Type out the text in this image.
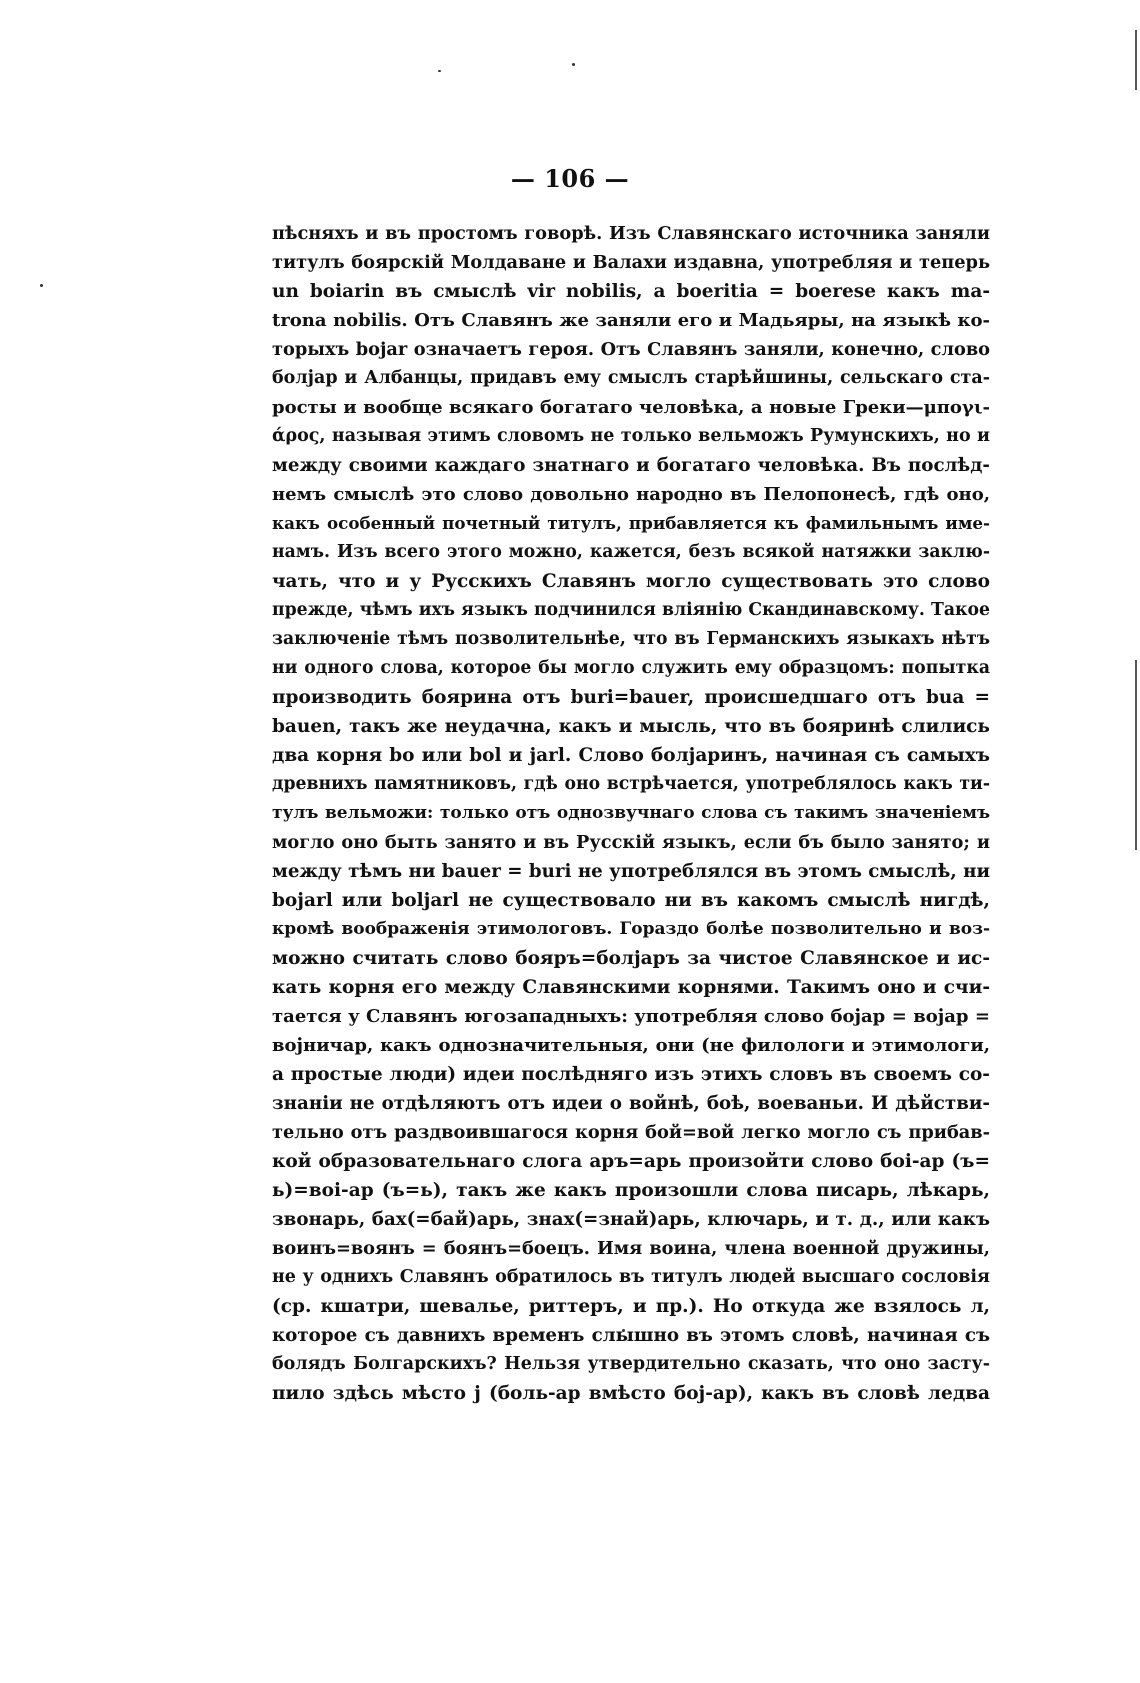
— 106 —
пѣсняхъ и въ простомъ говорѣ. Изъ Славянскаго источника заняли
титулъ боярскій Молдаване и Валахи издавна, употребляя и теперь
un boiarin въ смыслѣ vir nobilis, a boeritia = boerese какъ ma-
trona nobilis. Отъ Славянъ же заняли его и Мадьяры, на языкѣ ко-
торыхъ bojar означаетъ героя. Отъ Славянъ заняли, конечно, слово
болјар и Албанцы, придавъ ему смыслъ старѣйшины, сельскаго ста-
росты и вообще всякаго богатаго человѣка, а новые Греки—μπογι-
άρος, называя этимъ словомъ не только вельможъ Румунскихъ, но и
между своими каждаго знатнаго и богатаго человѣка. Въ послѣд-
немъ смыслѣ это слово довольно народно въ Пелопонесѣ, гдѣ оно,
какъ особенный почетный титулъ, прибавляется къ фамильнымъ име-
намъ. Изъ всего этого можно, кажется, безъ всякой натяжки заклю-
чать, что и у Русскихъ Славянъ могло существовать это слово
прежде, чѣмъ ихъ языкъ подчинился вліянію Скандинавскому. Такое
заключеніе тѣмъ позволительнѣе, что въ Германскихъ языкахъ нѣтъ
ни одного слова, которое бы могло служить ему образцомъ: попытка
производить боярина отъ buri=bauer, происшедшаго отъ bua =
bauen, такъ же неудачна, какъ и мысль, что въ бояринѣ слились
два корня bo или bol и jarl. Слово болјаринъ, начиная съ самыхъ
древнихъ памятниковъ, гдѣ оно встрѣчается, употреблялось какъ ти-
тулъ вельможи: только отъ однозвучнаго слова съ такимъ значеніемъ
могло оно быть занято и въ Русскій языкъ, если бъ было занято; и
между тѣмъ ни bauer = buri не употреблялся въ этомъ смыслѣ, ни
bojarl или boljarl не существовало ни въ какомъ смыслѣ нигдѣ,
кромѣ воображенія этимологовъ. Гораздо болѣе позволительно и воз-
можно считать слово бояръ=болјаръ за чистое Славянское и ис-
кать корня его между Славянскими корнями. Такимъ оно и счи-
тается у Славянъ югозападныхъ: употребляя слово бојар = војар =
војничар, какъ однозначительныя, они (не филологи и этимологи,
а простые люди) идеи послѣдняго изъ этихъ словъ въ своемъ со-
знаніи не отдѣляютъ отъ идеи о войнѣ, боѣ, воеваньи. И дѣйстви-
тельно отъ раздвоившагося корня бой=вой легко могло съ прибав-
кой образовательнаго слога аръ=арь произойти слово бoi-ар (ъ=
ь)=вoi-ар (ъ=ь), такъ же какъ произошли слова писарь, лѣкарь,
звонарь, бах(=бай)арь, знах(=знай)арь, ключарь, и т. д., или какъ
воинъ=воянъ = боянъ=боецъ. Имя воина, члена военной дружины,
не у однихъ Славянъ обратилось въ титулъ людей высшаго сословія
(ср. кшатри, шевалье, риттеръ, и пр.). Но откуда же взялось л,
которое съ давнихъ временъ слышно въ этомъ словѣ, начиная съ
болядъ Болгарскихъ? Нельзя утвердительно сказать, что оно засту-
пило здѣсь мѣсто j (боль-ар вмѣсто бoj-ар), какъ въ словѣ ледва
